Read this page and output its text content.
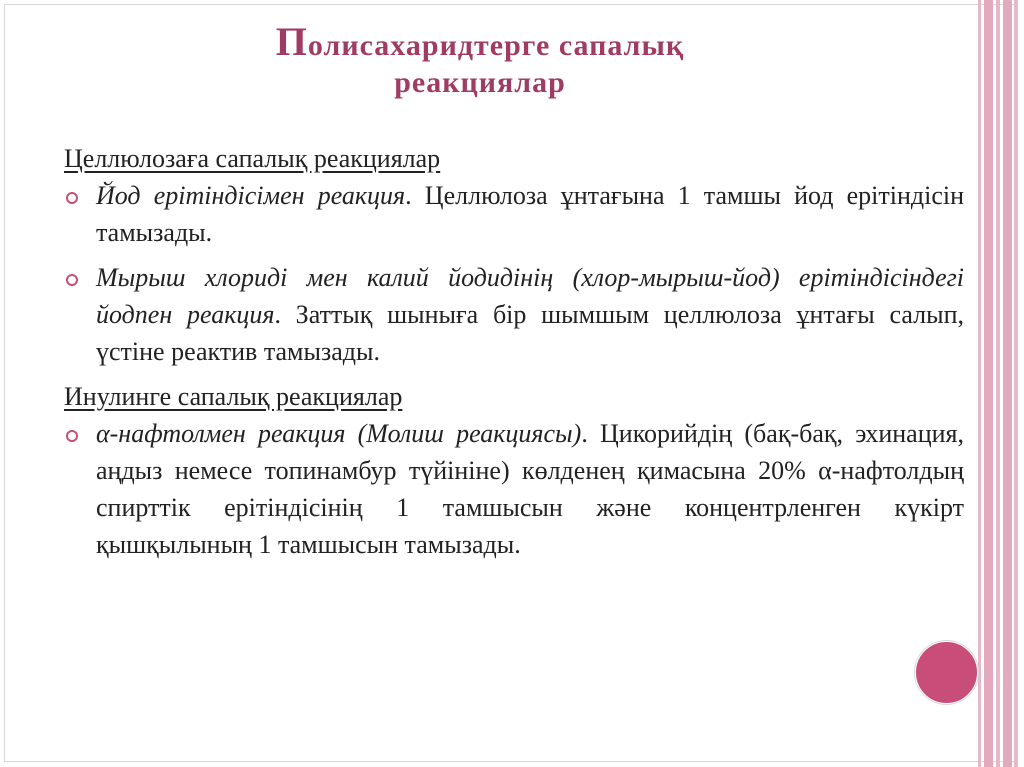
Полисахаридтерге сапалық
реакциялар

Целлюлозаға сапалық реакциялар

Йод ерітіндісімен реакция. Целлюлоза ұнтағына 1 тамшы йод ерітіндісін тамызады.

Мырыш хлориді мен калий йодидінің (хлор-мырыш-йод) ерітіндісіндегі йодпен реакция. Заттық шыныға бір шымшым целлюлоза ұнтағы салып, үстіне реактив тамызады.

Инулинге сапалық реакциялар

α-нафтолмен реакция (Молиш реакциясы). Цикорийдің (бақ-бақ, эхинация, аңдыз немесе топинамбур түйініне) көлденең қимасына 20% α-нафтолдың спирттік ерітіндісінің 1 тамшысын және концентрленген күкірт қышқылының 1 тамшысын тамызады.
